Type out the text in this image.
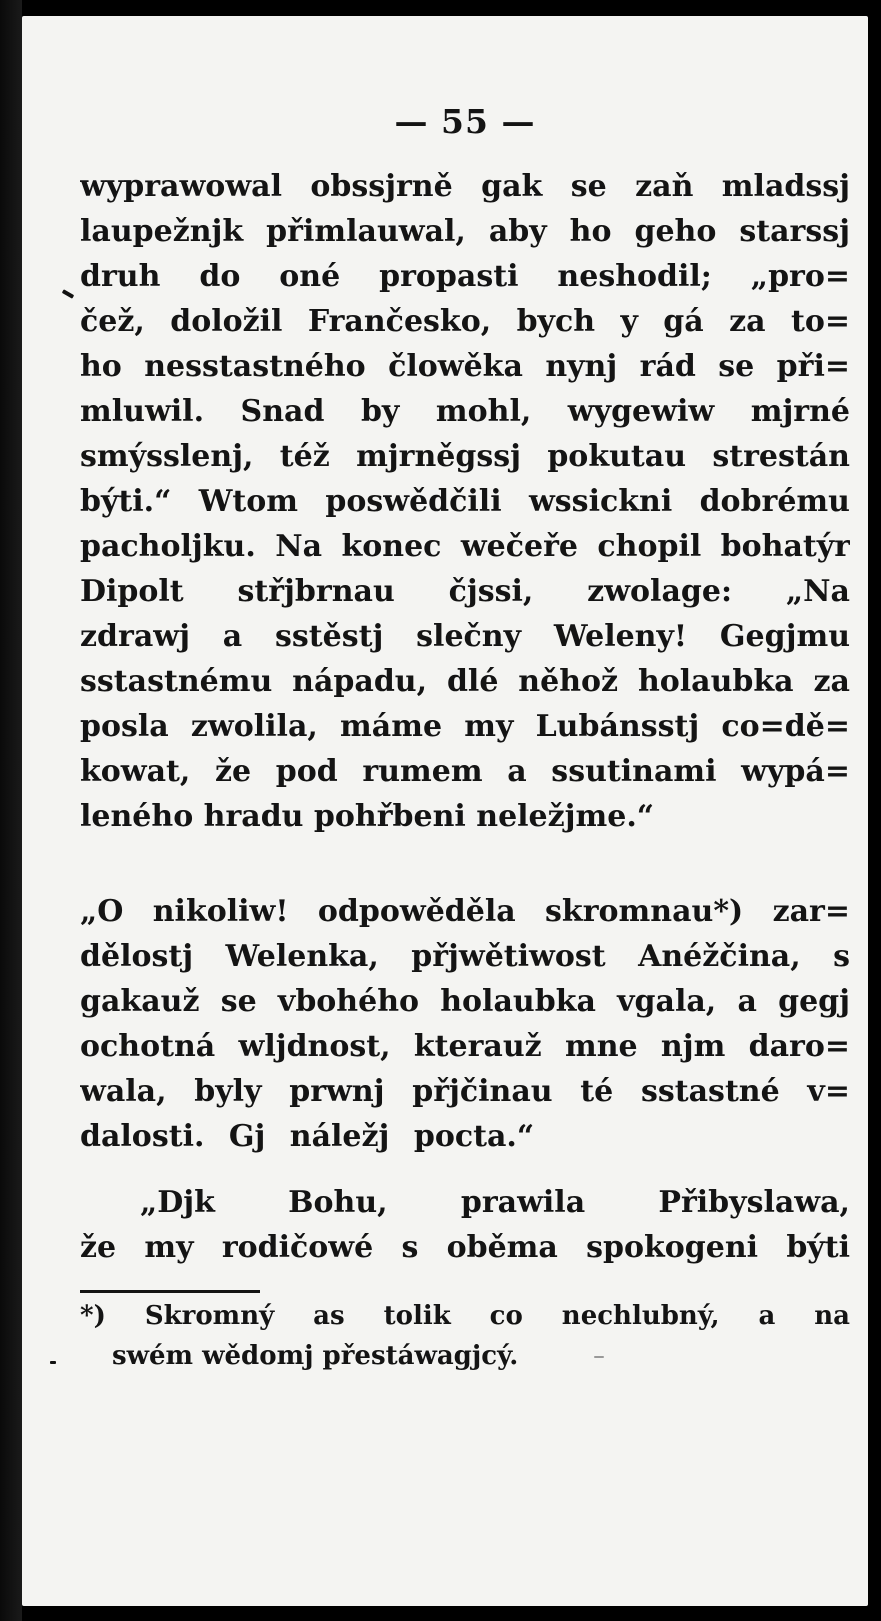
— 55 —
wyprawowal obssjrně gak se zaň mladssj
laupežnjk přimlauwal, aby ho geho starssj
druh do oné propasti neshodil; „pro=
čež, doložil Frančesko, bych y gá za to=
ho nesstastného člowěka nynj rád se při=
mluwil. Snad by mohl, wygewiw mjrné
smýsslenj, též mjrněgssj pokutau strestán
býti.“ Wtom poswědčili wssickni dobrému
pacholjku. Na konec wečeře chopil bohatýr
Dipolt střjbrnau čjssi, zwolage: „Na
zdrawj a sstěstj slečny Weleny! Gegjmu
sstastnému nápadu, dlé něhož holaubka za
posla zwolila, máme my Lubánsstj co=dě=
kowat, že pod rumem a ssutinami wypá=
leného hradu pohřbeni neležjme.“
„O nikoliw! odpowěděla skromnau*) zar=
dělostj Welenka, přjwětiwost Anéžčina, s
gakauž se vbohého holaubka vgala, a gegj
ochotná wljdnost, kterauž mne njm daro=
wala, byly prwnj přjčinau té sstastné v=
dalosti. Gj náležj pocta.“
„Djk Bohu, prawila Přibyslawa,
že my rodičowé s oběma spokogeni býti
*) Skromný as tolik co nechlubný, a na
swém wědomj přestáwagjcý.
